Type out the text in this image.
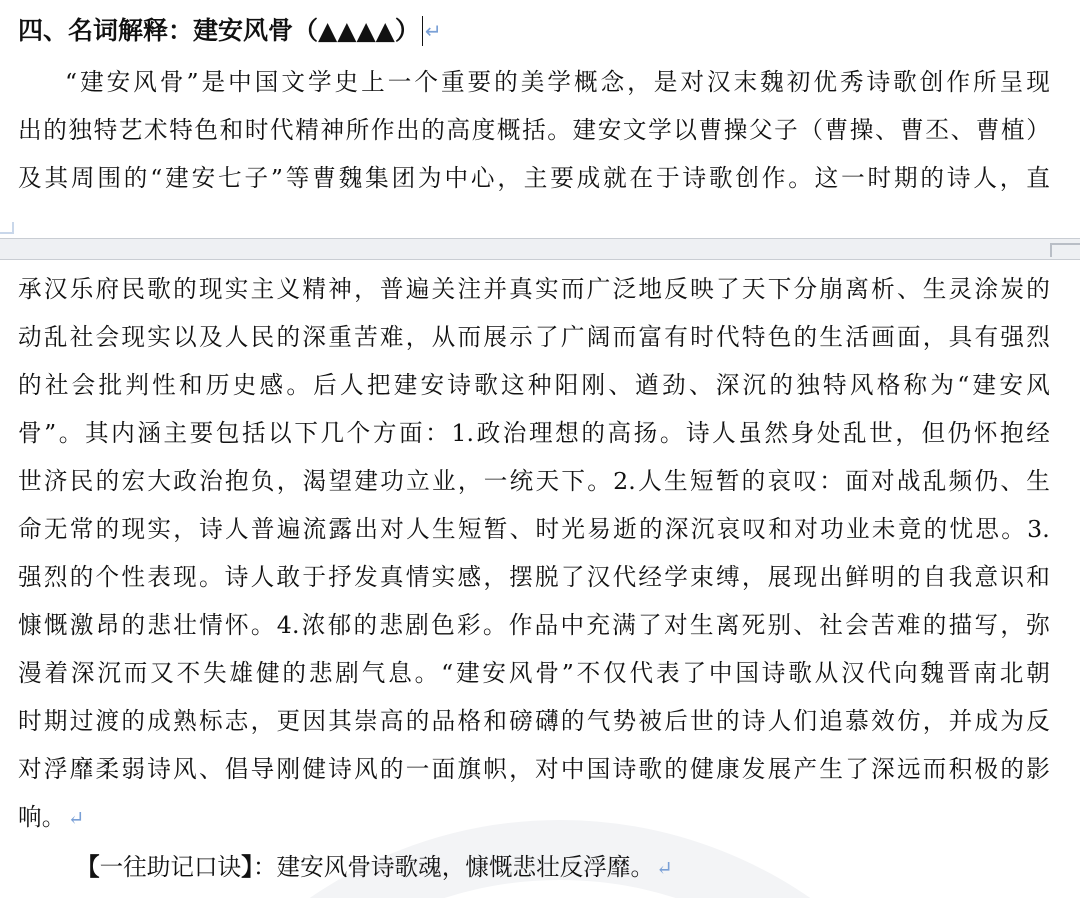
四、名词解释：建安风骨（▲▲▲▲） ↵
“建安风骨”是中国文学史上一个重要的美学概念，是对汉末魏初优秀诗歌创作所呈现
出的独特艺术特色和时代精神所作出的高度概括。建安文学以曹操父子（曹操、曹丕、曹植）
及其周围的“建安七子”等曹魏集团为中心，主要成就在于诗歌创作。这一时期的诗人，直
承汉乐府民歌的现实主义精神，普遍关注并真实而广泛地反映了天下分崩离析、生灵涂炭的
动乱社会现实以及人民的深重苦难，从而展示了广阔而富有时代特色的生活画面，具有强烈
的社会批判性和历史感。后人把建安诗歌这种阳刚、遒劲、深沉的独特风格称为“建安风
骨”。其内涵主要包括以下几个方面：1.政治理想的高扬。诗人虽然身处乱世，但仍怀抱经
世济民的宏大政治抱负，渴望建功立业，一统天下。2.人生短暂的哀叹：面对战乱频仍、生
命无常的现实，诗人普遍流露出对人生短暂、时光易逝的深沉哀叹和对功业未竟的忧思。3.
强烈的个性表现。诗人敢于抒发真情实感，摆脱了汉代经学束缚，展现出鲜明的自我意识和
慷慨激昂的悲壮情怀。4.浓郁的悲剧色彩。作品中充满了对生离死别、社会苦难的描写，弥
漫着深沉而又不失雄健的悲剧气息。“建安风骨”不仅代表了中国诗歌从汉代向魏晋南北朝
时期过渡的成熟标志，更因其崇高的品格和磅礴的气势被后世的诗人们追慕效仿，并成为反
对浮靡柔弱诗风、倡导刚健诗风的一面旗帜，对中国诗歌的健康发展产生了深远而积极的影
响。 ↵
【一往助记口诀】：建安风骨诗歌魂，慷慨悲壮反浮靡。 ↵
